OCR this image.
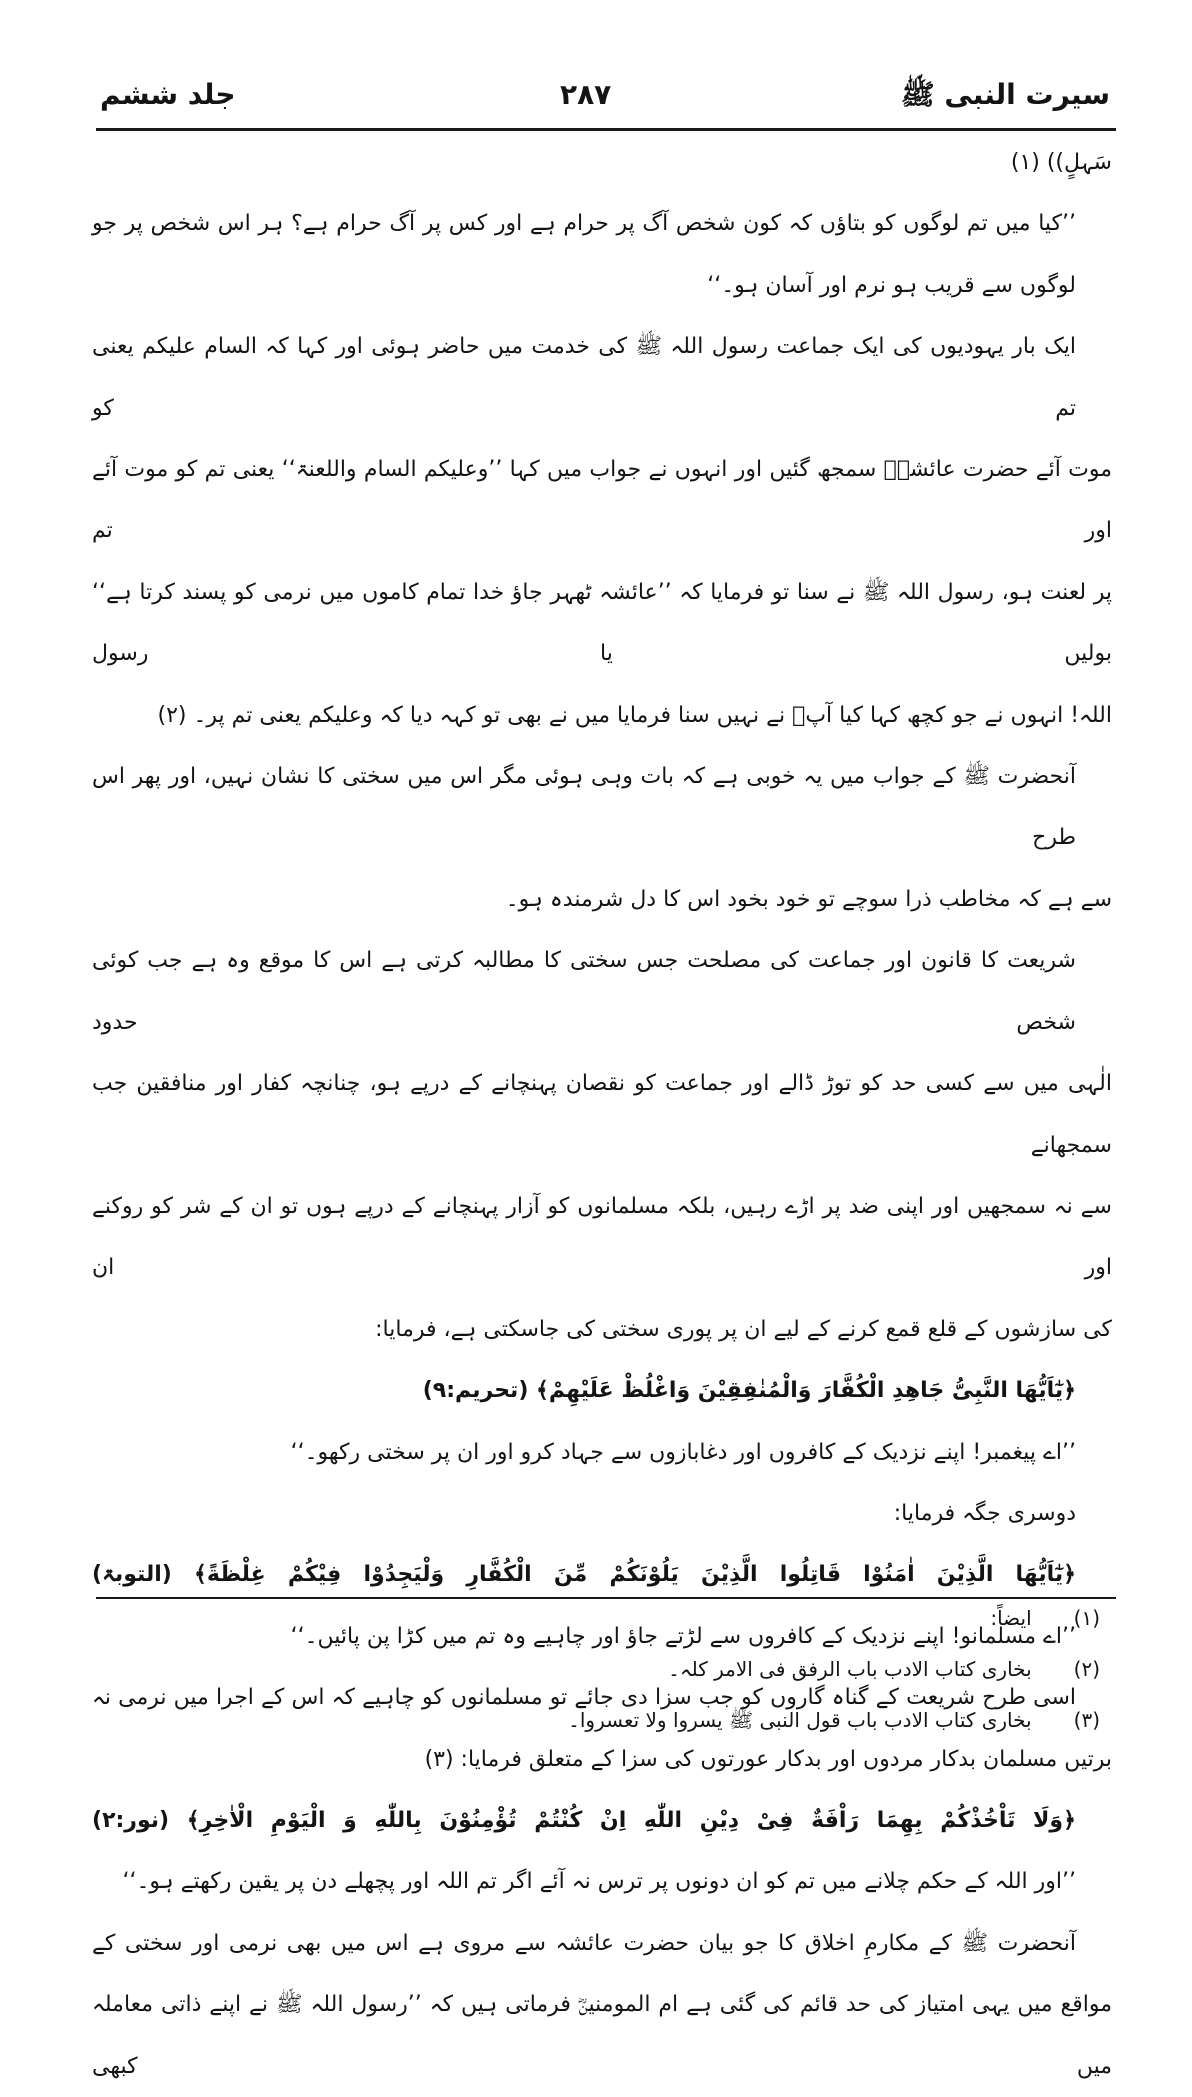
سیرت النبی ﷺ
۲۸۷
جلد ششم
سَہلٍ)) (۱)
’’کیا میں تم لوگوں کو بتاؤں کہ کون شخص آگ پر حرام ہے اور کس پر آگ حرام ہے؟ ہر اس شخص پر جو
لوگوں سے قریب ہو نرم اور آسان ہو۔‘‘
ایک بار یہودیوں کی ایک جماعت رسول اللہ ﷺ کی خدمت میں حاضر ہوئی اور کہا کہ السام علیکم یعنی تم کو
موت آئے حضرت عائشہؓ سمجھ گئیں اور انہوں نے جواب میں کہا ’’وعلیکم السام واللعنۃ‘‘ یعنی تم کو موت آئے اور تم
پر لعنت ہو، رسول اللہ ﷺ نے سنا تو فرمایا کہ ’’عائشہ ٹھہر جاؤ خدا تمام کاموں میں نرمی کو پسند کرتا ہے‘‘ بولیں یا رسول
اللہ! انہوں نے جو کچھ کہا کیا آپؐ نے نہیں سنا فرمایا میں نے بھی تو کہہ دیا کہ وعلیکم یعنی تم پر۔ (۲)
آنحضرت ﷺ کے جواب میں یہ خوبی ہے کہ بات وہی ہوئی مگر اس میں سختی کا نشان نہیں، اور پھر اس طرح
سے ہے کہ مخاطب ذرا سوچے تو خود بخود اس کا دل شرمندہ ہو۔
شریعت کا قانون اور جماعت کی مصلحت جس سختی کا مطالبہ کرتی ہے اس کا موقع وہ ہے جب کوئی شخص حدود
الٰہی میں سے کسی حد کو توڑ ڈالے اور جماعت کو نقصان پہنچانے کے درپے ہو، چنانچہ کفار اور منافقین جب سمجھانے
سے نہ سمجھیں اور اپنی ضد پر اڑے رہیں، بلکہ مسلمانوں کو آزار پہنچانے کے درپے ہوں تو ان کے شر کو روکنے اور ان
کی سازشوں کے قلع قمع کرنے کے لیے ان پر پوری سختی کی جاسکتی ہے، فرمایا:
﴿یٰٓاَیُّهَا النَّبِیُّ جَاهِدِ الْكُفَّارَ وَالْمُنٰفِقِیْنَ وَاغْلُظْ عَلَیْهِمْ﴾ (تحریم:۹)
’’اے پیغمبر! اپنے نزدیک کے کافروں اور دغابازوں سے جہاد کرو اور ان پر سختی رکھو۔‘‘
دوسری جگہ فرمایا:
﴿یٰٓاَیُّهَا الَّذِیْنَ اٰمَنُوْا قَاتِلُوا الَّذِیْنَ یَلُوْنَكُمْ مِّنَ الْكُفَّارِ وَلْیَجِدُوْا فِیْكُمْ غِلْظَةً﴾ (التوبۃ)
’’اے مسلمانو! اپنے نزدیک کے کافروں سے لڑتے جاؤ اور چاہیے وہ تم میں کڑا پن پائیں۔‘‘
اسی طرح شریعت کے گناہ گاروں کو جب سزا دی جائے تو مسلمانوں کو چاہیے کہ اس کے اجرا میں نرمی نہ
برتیں مسلمان بدکار مردوں اور بدکار عورتوں کی سزا کے متعلق فرمایا: (۳)
﴿وَلَا تَاْخُذْكُمْ بِهِمَا رَاْفَةٌ فِیْ دِیْنِ اللّٰهِ اِنْ كُنْتُمْ تُؤْمِنُوْنَ بِاللّٰهِ وَ الْیَوْمِ الْاٰخِرِ﴾ (نور:۲)
’’اور اللہ کے حکم چلانے میں تم کو ان دونوں پر ترس نہ آئے اگر تم اللہ اور پچھلے دن پر یقین رکھتے ہو۔‘‘
آنحضرت ﷺ کے مکارمِ اخلاق کا جو بیان حضرت عائشہ سے مروی ہے اس میں بھی نرمی اور سختی کے
مواقع میں یہی امتیاز کی حد قائم کی گئی ہے ام المومنینؓ فرماتی ہیں کہ ’’رسول اللہ ﷺ نے اپنے ذاتی معاملہ میں کبھی
(۱) ایضاً:
(۲) بخاری کتاب الادب باب الرفق فی الامر کلہ۔
(۳) بخاری کتاب الادب باب قول النبی ﷺ یسروا ولا تعسروا۔
